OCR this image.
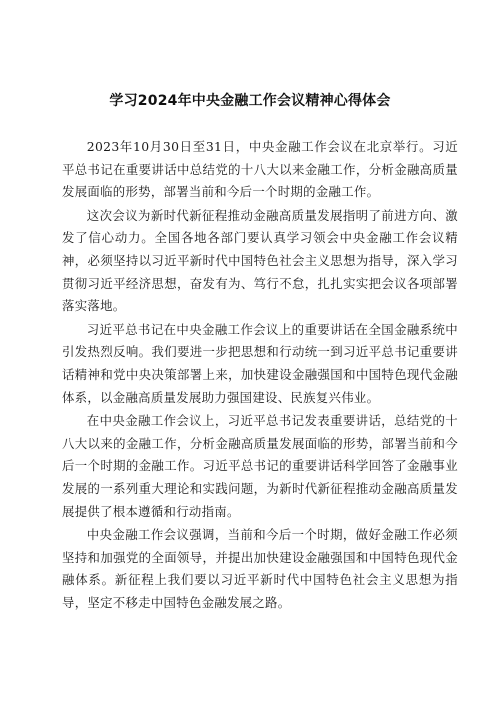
学习2024年中央金融工作会议精神心得体会

2023年10月30日至31日，中央金融工作会议在北京举行。习近平总书记在重要讲话中总结党的十八大以来金融工作，分析金融高质量发展面临的形势，部署当前和今后一个时期的金融工作。

这次会议为新时代新征程推动金融高质量发展指明了前进方向、激发了信心动力。全国各地各部门要认真学习领会中央金融工作会议精神，必须坚持以习近平新时代中国特色社会主义思想为指导，深入学习贯彻习近平经济思想，奋发有为、笃行不怠，扎扎实实把会议各项部署落实落地。

习近平总书记在中央金融工作会议上的重要讲话在全国金融系统中引发热烈反响。我们要进一步把思想和行动统一到习近平总书记重要讲话精神和党中央决策部署上来，加快建设金融强国和中国特色现代金融体系，以金融高质量发展助力强国建设、民族复兴伟业。

在中央金融工作会议上，习近平总书记发表重要讲话，总结党的十八大以来的金融工作，分析金融高质量发展面临的形势，部署当前和今后一个时期的金融工作。习近平总书记的重要讲话科学回答了金融事业发展的一系列重大理论和实践问题，为新时代新征程推动金融高质量发展提供了根本遵循和行动指南。

中央金融工作会议强调，当前和今后一个时期，做好金融工作必须坚持和加强党的全面领导，并提出加快建设金融强国和中国特色现代金融体系。新征程上我们要以习近平新时代中国特色社会主义思想为指导，坚定不移走中国特色金融发展之路。
